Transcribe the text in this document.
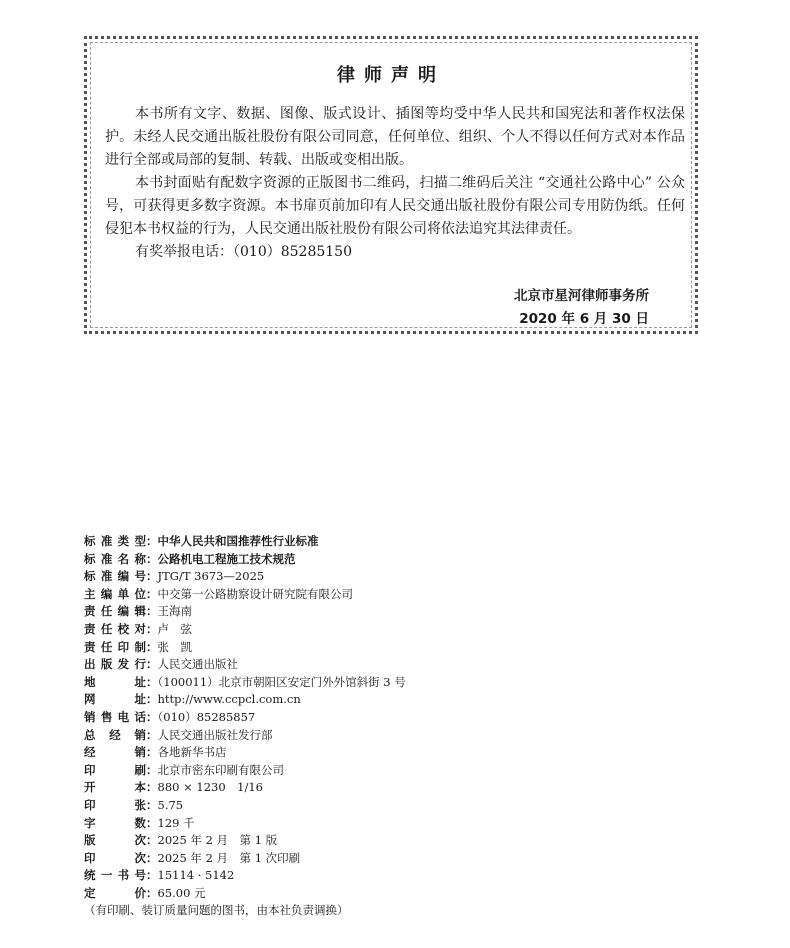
律师声明

本书所有文字、数据、图像、版式设计、插图等均受中华人民共和国宪法和著作权法保护。未经人民交通出版社股份有限公司同意，任何单位、组织、个人不得以任何方式对本作品进行全部或局部的复制、转载、出版或变相出版。

本书封面贴有配数字资源的正版图书二维码，扫描二维码后关注 “交通社公路中心” 公众号，可获得更多数字资源。本书扉页前加印有人民交通出版社股份有限公司专用防伪纸。任何侵犯本书权益的行为，人民交通出版社股份有限公司将依法追究其法律责任。

有奖举报电话：（010）85285150

北京市星河律师事务所
2020 年 6 月 30 日
标准类型：中华人民共和国推荐性行业标准
标准名称：公路机电工程施工技术规范
标准编号：JTG/T 3673—2025
主编单位：中交第一公路勘察设计研究院有限公司
责任编辑：王海南
责任校对：卢　弦
责任印制：张　凯
出版发行：人民交通出版社
地址：（100011）北京市朝阳区安定门外外馆斜街 3 号
网址：http://www.ccpcl.com.cn
销售电话：（010）85285857
总经销：人民交通出版社发行部
经销：各地新华书店
印刷：北京市密东印刷有限公司
开本：880 × 1230　1/16
印张：5.75
字数：129 千
版次：2025 年 2 月　第 1 版
印次：2025 年 2 月　第 1 次印刷
统一书号：15114 · 5142
定价：65.00 元
（有印刷、装订质量问题的图书，由本社负责调换）
